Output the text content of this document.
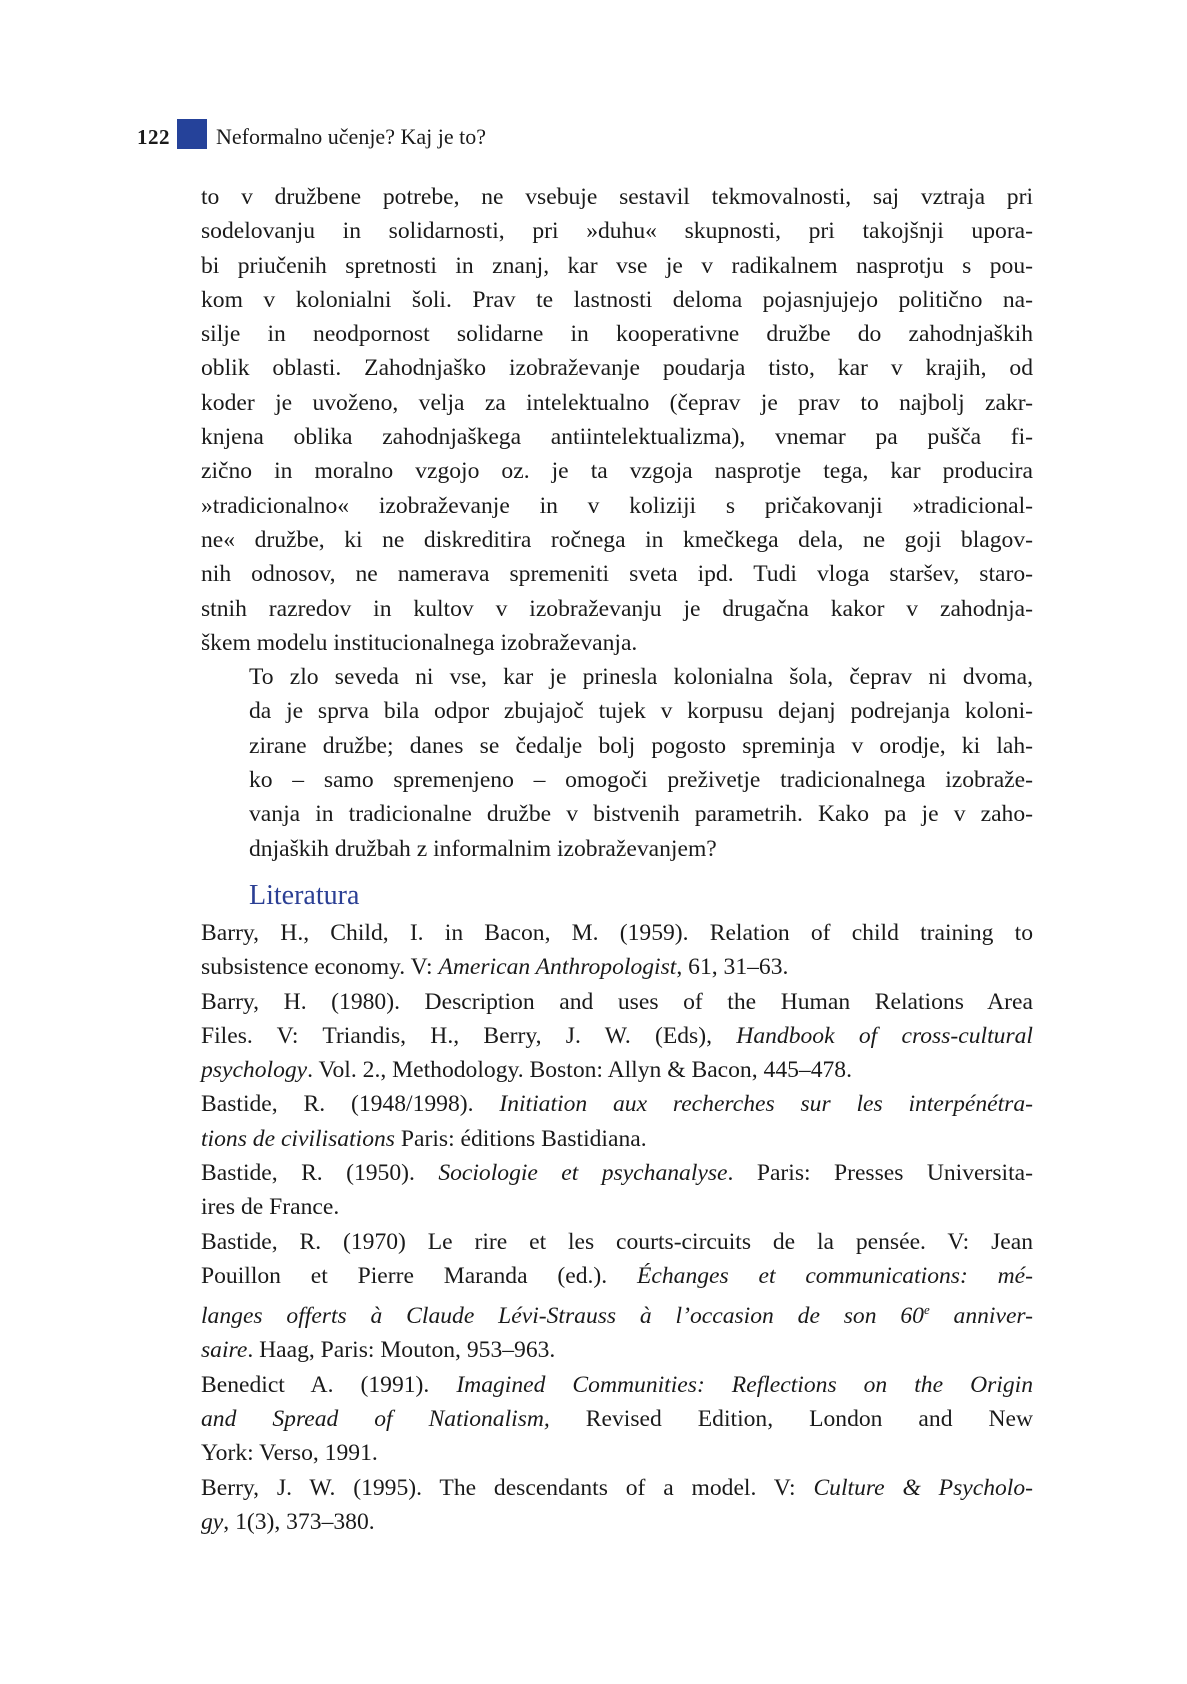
122 Neformalno učenje? Kaj je to?

to v družbene potrebe, ne vsebuje sestavil tekmovalnosti, saj vztraja pri
sodelovanju in solidarnosti, pri »duhu« skupnosti, pri takojšnji upora-
bi priučenih spretnosti in znanj, kar vse je v radikalnem nasprotju s pou-
kom v kolonialni šoli. Prav te lastnosti deloma pojasnjujejo politično na-
silje in neodpornost solidarne in kooperativne družbe do zahodnjaških
oblik oblasti. Zahodnjaško izobraževanje poudarja tisto, kar v krajih, od
koder je uvoženo, velja za intelektualno (čeprav je prav to najbolj zakr-
knjena oblika zahodnjaškega antiintelektualizma), vnemar pa pušča fi-
zično in moralno vzgojo oz. je ta vzgoja nasprotje tega, kar producira
»tradicionalno« izobraževanje in v koliziji s pričakovanji »tradicional-
ne« družbe, ki ne diskreditira ročnega in kmečkega dela, ne goji blagov-
nih odnosov, ne namerava spremeniti sveta ipd. Tudi vloga staršev, staro-
stnih razredov in kultov v izobraževanju je drugačna kakor v zahodnja-
škem modelu institucionalnega izobraževanja.

To zlo seveda ni vse, kar je prinesla kolonialna šola, čeprav ni dvoma,
da je sprva bila odpor zbujajoč tujek v korpusu dejanj podrejanja koloni-
zirane družbe; danes se čedalje bolj pogosto spreminja v orodje, ki lah-
ko – samo spremenjeno – omogoči preživetje tradicionalnega izobraže-
vanja in tradicionalne družbe v bistvenih parametrih. Kako pa je v zaho-
dnjaških družbah z informalnim izobraževanjem?

Literatura

Barry, H., Child, I. in Bacon, M. (1959). Relation of child training to
subsistence economy. V: American Anthropologist, 61, 31–63.

Barry, H. (1980). Description and uses of the Human Relations Area
Files. V: Triandis, H., Berry, J. W. (Eds), Handbook of cross-cultural
psychology. Vol. 2., Methodology. Boston: Allyn & Bacon, 445–478.

Bastide, R. (1948/1998). Initiation aux recherches sur les interpénétra-
tions de civilisations Paris: éditions Bastidiana.

Bastide, R. (1950). Sociologie et psychanalyse. Paris: Presses Universita-
ires de France.

Bastide, R. (1970) Le rire et les courts-circuits de la pensée. V: Jean
Pouillon et Pierre Maranda (ed.). Échanges et communications: mé-
langes offerts à Claude Lévi-Strauss à l’occasion de son 60e anniver-
saire. Haag, Paris: Mouton, 953–963.

Benedict A. (1991). Imagined Communities: Reflections on the Origin
and Spread of Nationalism, Revised Edition, London and New
York: Verso, 1991.

Berry, J. W. (1995). The descendants of a model. V: Culture & Psycholo-
gy, 1(3), 373–380.
